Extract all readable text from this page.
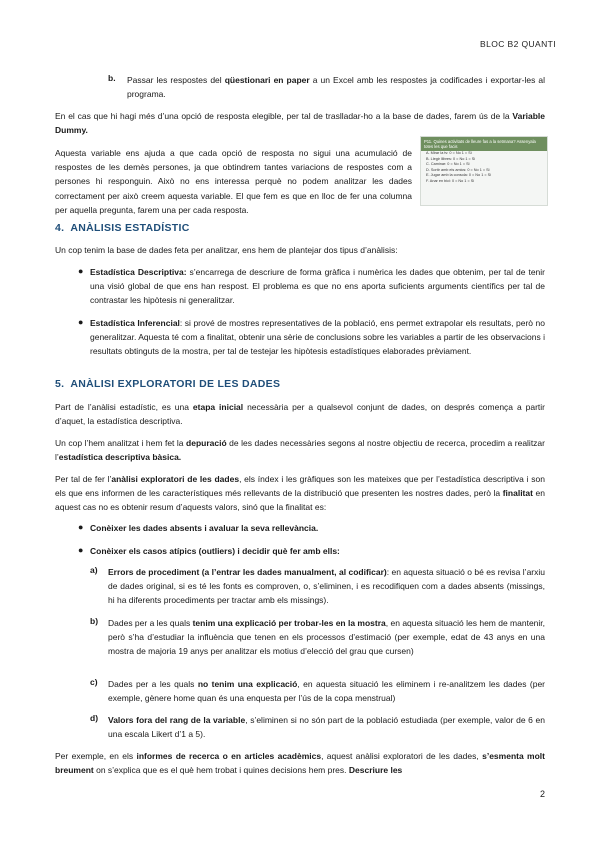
BLOC B2 QUANTI
b. Passar les respostes del qüestionari en paper a un Excel amb les respostes ja codificades i exportar-les al programa.

En el cas que hi hagi més d’una opció de resposta elegible, per tal de traslladar-ho a la base de dades, farem ús de la Variable Dummy.

Aquesta variable ens ajuda a que cada opció de resposta no sigui una acumulació de respostes de les demès persones, ja que obtindrem tantes variacions de respostes com a persones hi responguin. Això no ens interessa perquè no podem analitzar les dades correctament per això creem aquesta variable. El que fem es que en lloc de fer una columna per aquella pregunta, farem una per cada resposta.

P11. Quines activitats de lleure fas a la setmana? Assenyala totes les que facis
A. Mirar la tv: 0 = No 1 = Si
B. Llegir llibres: 0 = No 1 = Si
C. Caminar: 0 = No 1 = Si
D. Sortir amb els amics: 0 = No 1 = Si
E. Jugar amb la consola: 0 = No 1 = Si
F. Anar en bici: 0 = No 1 = Si
4. ANÀLISIS ESTADÍSTIC

Un cop tenim la base de dades feta per analitzar, ens hem de plantejar dos tipus d’anàlisis:

● Estadística Descriptiva: s’encarrega de descriure de forma gràfica i numèrica les dades que obtenim, per tal de tenir una visió global de que ens han respost. El problema es que no ens aporta suficients arguments científics per tal de contrastar les hipòtesis ni generalitzar.

● Estadística Inferencial: si prové de mostres representatives de la població, ens permet extrapolar els resultats, però no generalitzar. Aquesta té com a finalitat, obtenir una sèrie de conclusions sobre les variables a partir de les observacions i resultats obtinguts de la mostra, per tal de testejar les hipòtesis estadístiques elaborades prèviament.

5. ANÀLISI EXPLORATORI DE LES DADES

Part de l’anàlisi estadístic, es una etapa inicial necessària per a qualsevol conjunt de dades, on després comença a partir d’aquet, la estadística descriptiva.

Un cop l’hem analitzat i hem fet la depuració de les dades necessàries segons al nostre objectiu de recerca, procedim a realitzar l’estadística descriptiva bàsica.

Per tal de fer l’anàlisi exploratori de les dades, els índex i les gràfiques son les mateixes que per l’estadística descriptiva i son els que ens informen de les característiques més rellevants de la distribució que presenten les nostres dades, però la finalitat en aquest cas no es obtenir resum d’aquests valors, sinó que la finalitat es:

● Conèixer les dades absents i avaluar la seva rellevància.

● Conèixer els casos atípics (outliers) i decidir què fer amb ells:

a) Errors de procediment (a l’entrar les dades manualment, al codificar): en aquesta situació o bé es revisa l’arxiu de dades original, si es té les fonts es comproven, o, s’eliminen, i es recodifiquen com a dades absents (missings, hi ha diferents procediments per tractar amb els missings).

b) Dades per a les quals tenim una explicació per trobar-les en la mostra, en aquesta situació les hem de mantenir, però s’ha d’estudiar la influència que tenen en els processos d’estimació (per exemple, edat de 43 anys en una mostra de majoria 19 anys per analitzar els motius d’elecció del grau que cursen)

c) Dades per a les quals no tenim una explicació, en aquesta situació les eliminem i re-analitzem les dades (per exemple, gènere home quan és una enquesta per l’ús de la copa menstrual)

d) Valors fora del rang de la variable, s’eliminen si no són part de la població estudiada (per exemple, valor de 6 en una escala Likert d’1 a 5).

Per exemple, en els informes de recerca o en articles acadèmics, aquest anàlisi exploratori de les dades, s’esmenta molt breument on s’explica que es el què hem trobat i quines decisions hem pres. Descriure les

2
